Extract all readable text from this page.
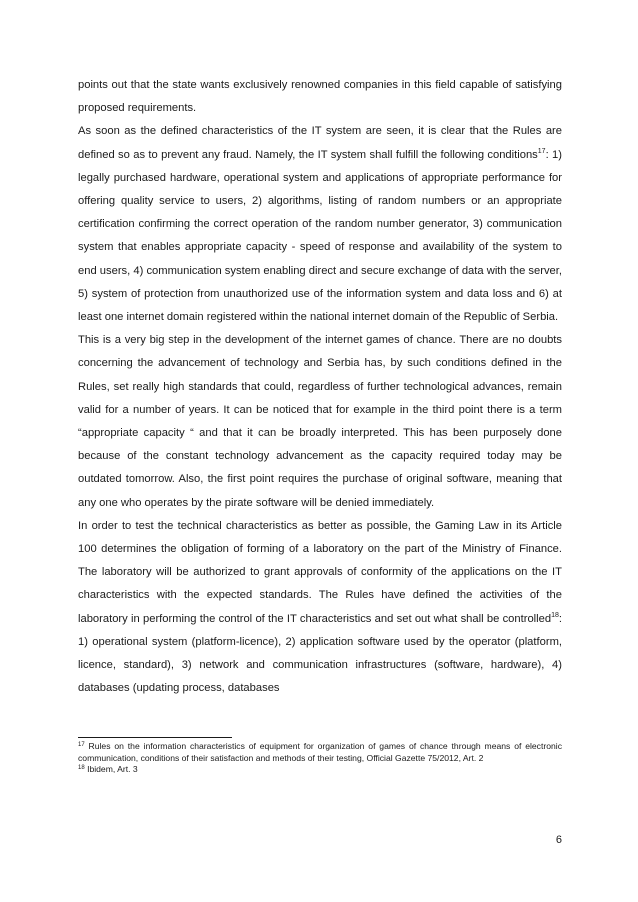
points out that the state wants exclusively renowned companies in this field capable of satisfying proposed requirements.

As soon as the defined characteristics of the IT system are seen, it is clear that the Rules are defined so as to prevent any fraud. Namely, the IT system shall fulfill the following conditions$^{17}$: 1) legally purchased hardware, operational system and applications of appropriate performance for offering quality service to users, 2) algorithms, listing of random numbers or an appropriate certification confirming the correct operation of the random number generator, 3) communication system that enables appropriate capacity - speed of response and availability of the system to end users, 4) communication system enabling direct and secure exchange of data with the server, 5) system of protection from unauthorized use of the information system and data loss and 6) at least one internet domain registered within the national internet domain of the Republic of Serbia.

This is a very big step in the development of the internet games of chance. There are no doubts concerning the advancement of technology and Serbia has, by such conditions defined in the Rules, set really high standards that could, regardless of further technological advances, remain valid for a number of years. It can be noticed that for example in the third point there is a term “appropriate capacity “ and that it can be broadly interpreted. This has been purposely done because of the constant technology advancement as the capacity required today may be outdated tomorrow. Also, the first point requires the purchase of original software, meaning that any one who operates by the pirate software will be denied immediately.

In order to test the technical characteristics as better as possible, the Gaming Law in its Article 100 determines the obligation of forming of a laboratory on the part of the Ministry of Finance. The laboratory will be authorized to grant approvals of conformity of the applications on the IT characteristics with the expected standards. The Rules have defined the activities of the laboratory in performing the control of the IT characteristics and set out what shall be controlled$^{18}$: 1) operational system (platform-licence), 2) application software used by the operator (platform, licence, standard), 3) network and communication infrastructures (software, hardware), 4) databases (updating process, databases

$^{17}$ Rules on the information characteristics of equipment for organization of games of chance through means of electronic communication, conditions of their satisfaction and methods of their testing, Official Gazette 75/2012, Art. 2

$^{18}$ Ibidem, Art. 3

6
